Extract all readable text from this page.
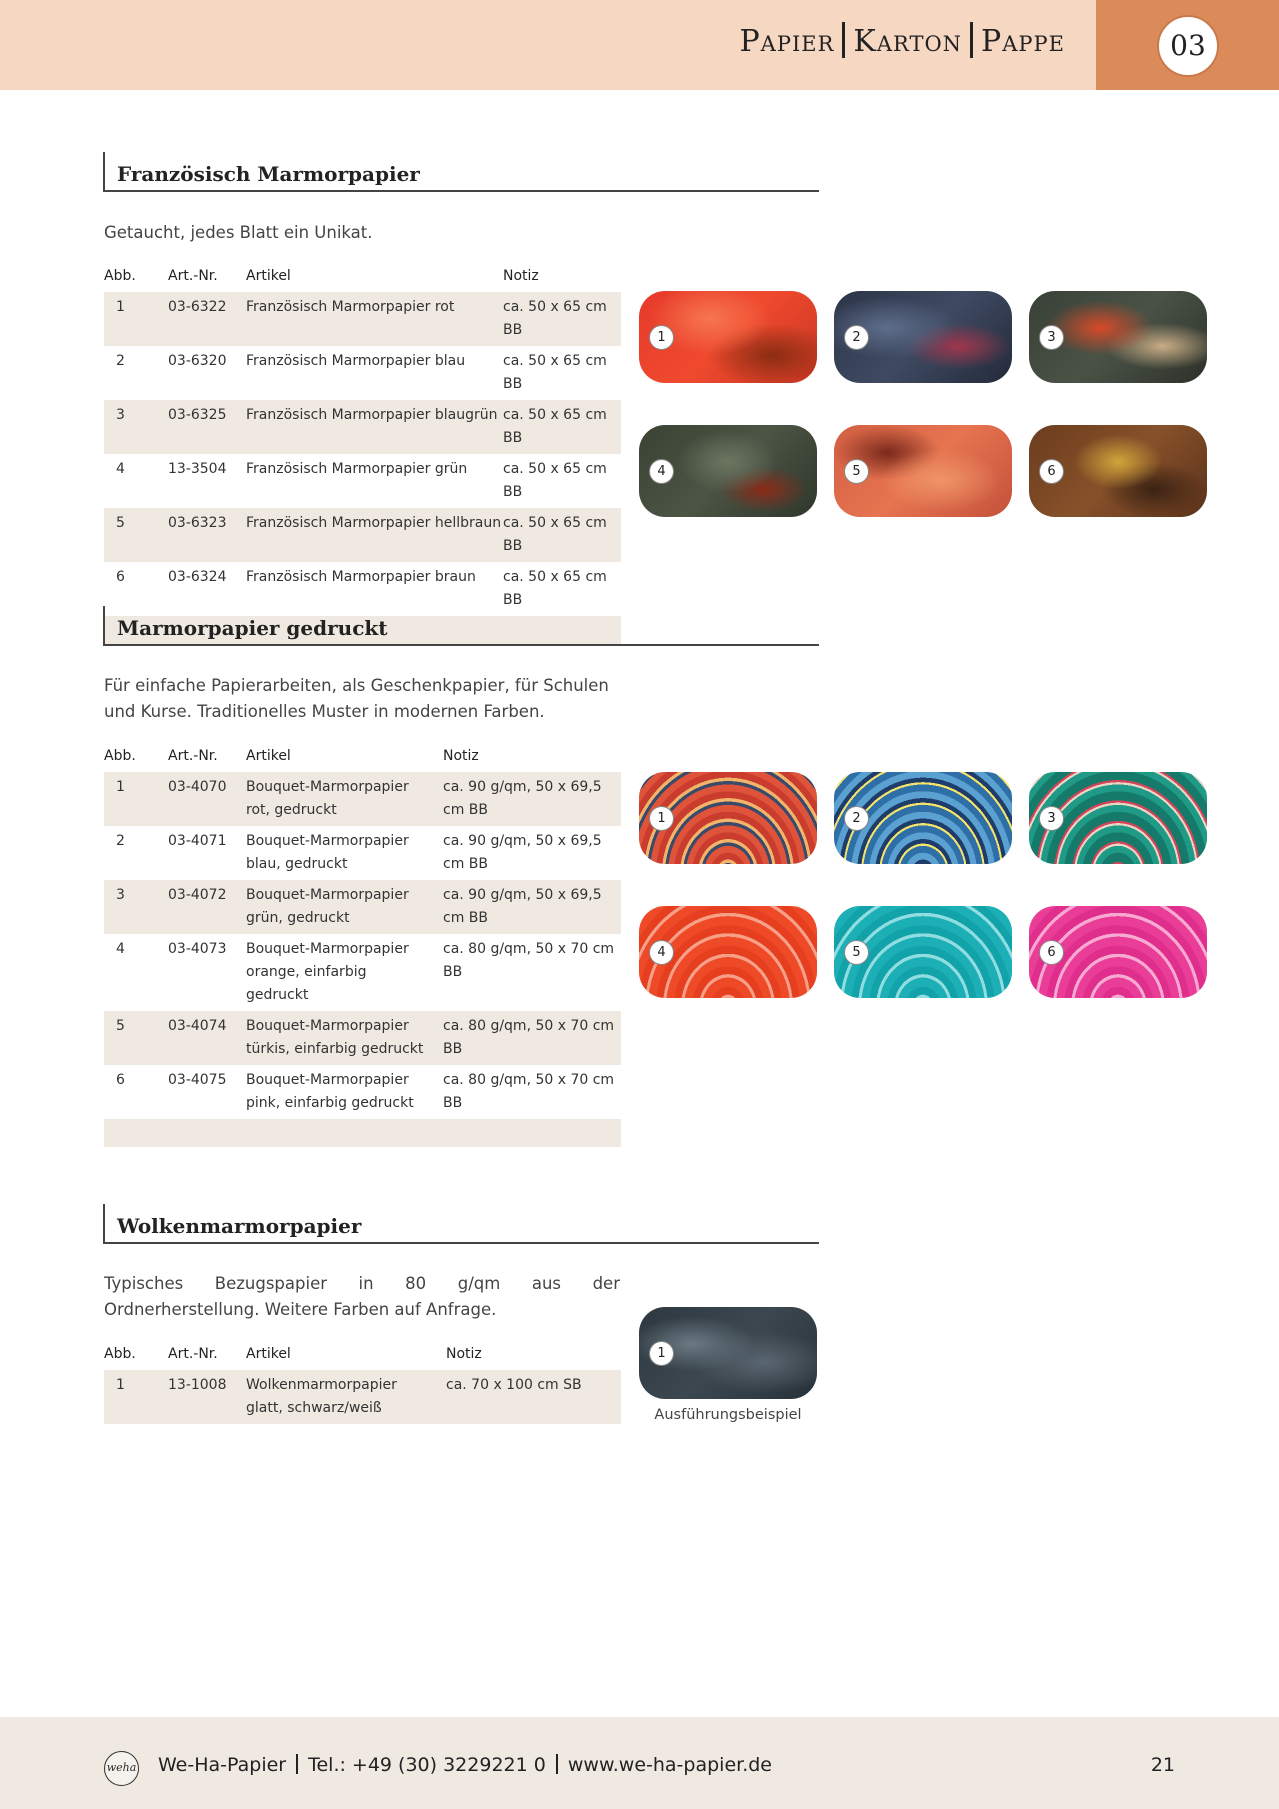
Papier Karton Pappe	03
Französisch Marmorpapier
Getaucht, jedes Blatt ein Unikat.
Abb.	Art.-Nr.	Artikel	Notiz
1	03-6322	Französisch Marmorpapier rot	ca. 50 x 65 cm BB
2	03-6320	Französisch Marmorpapier blau	ca. 50 x 65 cm BB
3	03-6325	Französisch Marmorpapier blaugrün	ca. 50 x 65 cm BB
4	13-3504	Französisch Marmorpapier grün	ca. 50 x 65 cm BB
5	03-6323	Französisch Marmorpapier hellbraun	ca. 50 x 65 cm BB
6	03-6324	Französisch Marmorpapier braun	ca. 50 x 65 cm BB

1	2	3
4	5	6
Marmorpapier gedruckt
Für einfache Papierarbeiten, als Geschenkpapier, für Schulen und Kurse. Traditionelles Muster in modernen Farben.
Abb.	Art.-Nr.	Artikel	Notiz
1	03-4070	Bouquet-Marmorpapier rot, gedruckt	ca. 90 g/qm, 50 x 69,5 cm BB
2	03-4071	Bouquet-Marmorpapier blau, gedruckt	ca. 90 g/qm, 50 x 69,5 cm BB
3	03-4072	Bouquet-Marmorpapier grün, gedruckt	ca. 90 g/qm, 50 x 69,5 cm BB
4	03-4073	Bouquet-Marmorpapier orange, einfarbig gedruckt	ca. 80 g/qm, 50 x 70 cm BB
5	03-4074	Bouquet-Marmorpapier türkis, einfarbig gedruckt	ca. 80 g/qm, 50 x 70 cm BB
6	03-4075	Bouquet-Marmorpapier pink, einfarbig gedruckt	ca. 80 g/qm, 50 x 70 cm BB

1	2	3
4	5	6
Wolkenmarmorpapier
Typisches Bezugspapier in 80 g/qm aus der Ordnerherstellung. Weitere Farben auf Anfrage.
Abb.	Art.-Nr.	Artikel	Notiz
1	13-1008	Wolkenmarmorpapier glatt, schwarz/weiß	ca. 70 x 100 cm SB
1
Ausführungsbeispiel
weha We-Ha-Papier Tel.: +49 (30) 3229221 0 www.we-ha-papier.de	21
